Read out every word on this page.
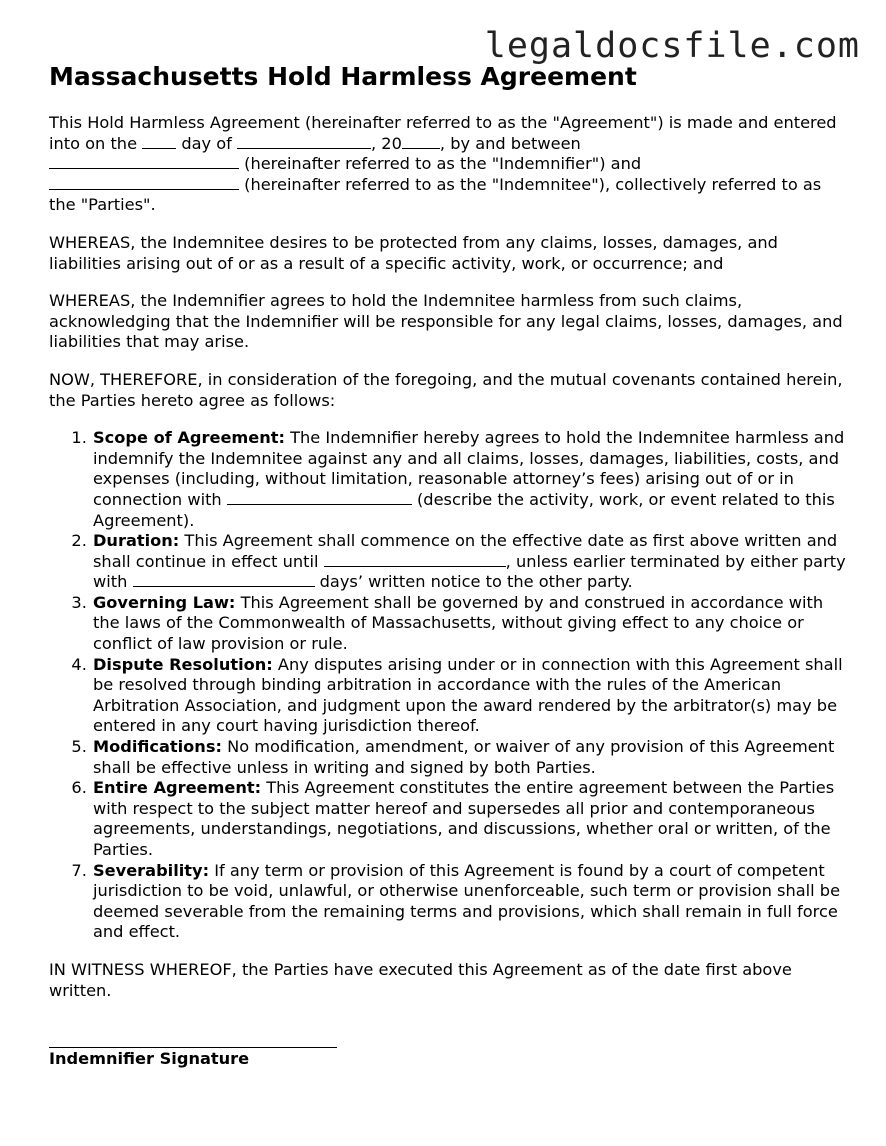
legaldocsfile.com
Massachusetts Hold Harmless Agreement

This Hold Harmless Agreement (hereinafter referred to as the "Agreement") is made and entered into on the  day of	, 20 , by and between
(hereinafter referred to as the "Indemnifier") and
(hereinafter referred to as the "Indemnitee"), collectively referred to as the "Parties".

WHEREAS, the Indemnitee desires to be protected from any claims, losses, damages, and liabilities arising out of or as a result of a specific activity, work, or occurrence; and

WHEREAS, the Indemnifier agrees to hold the Indemnitee harmless from such claims, acknowledging that the Indemnifier will be responsible for any legal claims, losses, damages, and liabilities that may arise.

NOW, THEREFORE, in consideration of the foregoing, and the mutual covenants contained herein, the Parties hereto agree as follows:

1. Scope of Agreement: The Indemnifier hereby agrees to hold the Indemnitee harmless and indemnify the Indemnitee against any and all claims, losses, damages, liabilities, costs, and expenses (including, without limitation, reasonable attorney’s fees) arising out of or in connection with	(describe the activity, work, or event related to this Agreement).
2. Duration: This Agreement shall commence on the effective date as first above written and shall continue in effect until	, unless earlier terminated by either party with	days’ written notice to the other party.
3. Governing Law: This Agreement shall be governed by and construed in accordance with the laws of the Commonwealth of Massachusetts, without giving effect to any choice or conflict of law provision or rule.
4. Dispute Resolution: Any disputes arising under or in connection with this Agreement shall be resolved through binding arbitration in accordance with the rules of the American Arbitration Association, and judgment upon the award rendered by the arbitrator(s) may be entered in any court having jurisdiction thereof.
5. Modifications: No modification, amendment, or waiver of any provision of this Agreement shall be effective unless in writing and signed by both Parties.
6. Entire Agreement: This Agreement constitutes the entire agreement between the Parties with respect to the subject matter hereof and supersedes all prior and contemporaneous agreements, understandings, negotiations, and discussions, whether oral or written, of the Parties.
7. Severability: If any term or provision of this Agreement is found by a court of competent jurisdiction to be void, unlawful, or otherwise unenforceable, such term or provision shall be deemed severable from the remaining terms and provisions, which shall remain in full force and effect.

IN WITNESS WHEREOF, the Parties have executed this Agreement as of the date first above written.

Indemnifier Signature
